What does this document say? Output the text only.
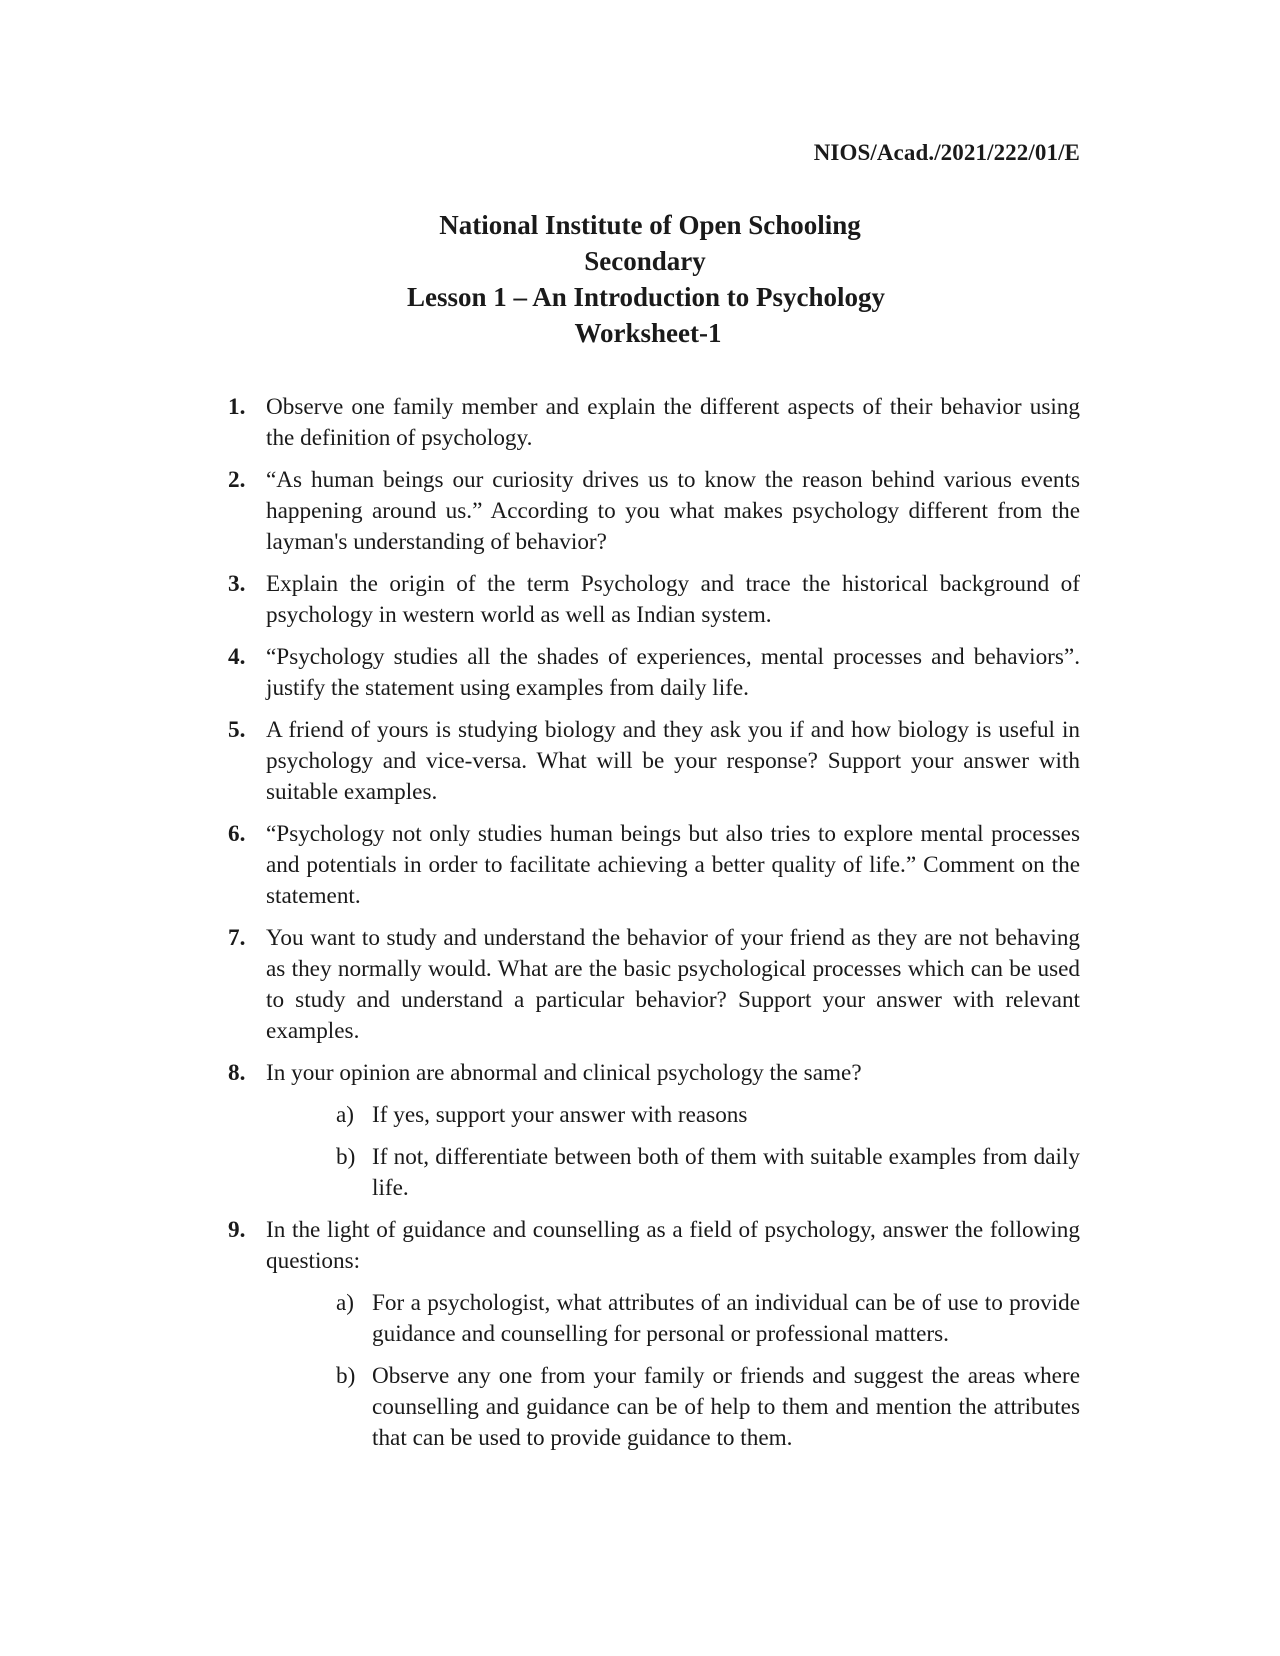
NIOS/Acad./2021/222/01/E
National Institute of Open Schooling
Secondary
Lesson 1 – An Introduction to Psychology
Worksheet-1
1. Observe one family member and explain the different aspects of their behavior using the definition of psychology.
2. “As human beings our curiosity drives us to know the reason behind various events happening around us.” According to you what makes psychology different from the layman's understanding of behavior?
3. Explain the origin of the term Psychology and trace the historical background of psychology in western world as well as Indian system.
4. “Psychology studies all the shades of experiences, mental processes and behaviors”. justify the statement using examples from daily life.
5. A friend of yours is studying biology and they ask you if and how biology is useful in psychology and vice-versa. What will be your response? Support your answer with suitable examples.
6. “Psychology not only studies human beings but also tries to explore mental processes and potentials in order to facilitate achieving a better quality of life.” Comment on the statement.
7. You want to study and understand the behavior of your friend as they are not behaving as they normally would. What are the basic psychological processes which can be used to study and understand a particular behavior? Support your answer with relevant examples.
8. In your opinion are abnormal and clinical psychology the same?
a) If yes, support your answer with reasons
b) If not, differentiate between both of them with suitable examples from daily life.
9. In the light of guidance and counselling as a field of psychology, answer the following questions:
a) For a psychologist, what attributes of an individual can be of use to provide guidance and counselling for personal or professional matters.
b) Observe any one from your family or friends and suggest the areas where counselling and guidance can be of help to them and mention the attributes that can be used to provide guidance to them.
